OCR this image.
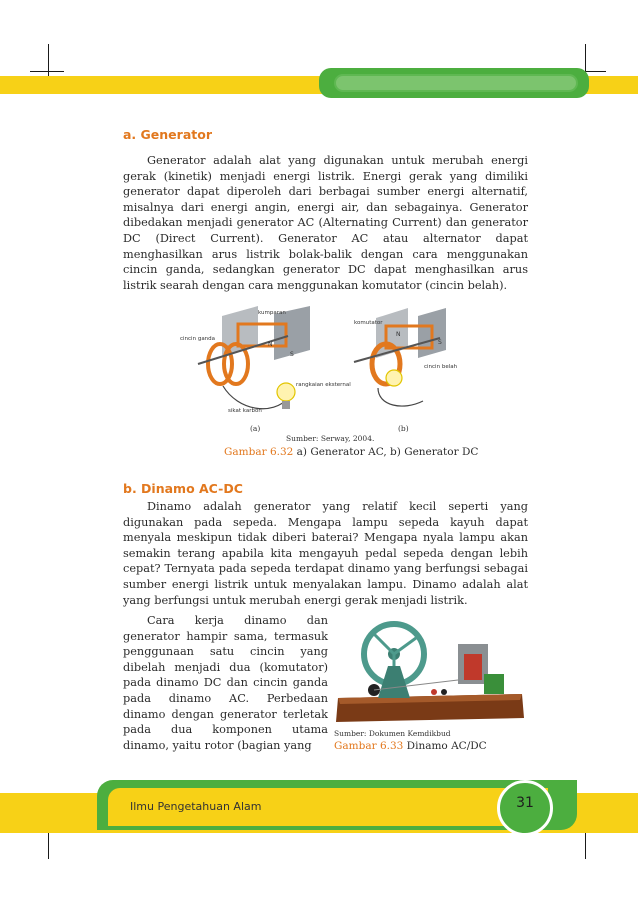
a. Generator
Generator adalah alat yang digunakan untuk merubah energi gerak (kinetik) menjadi energi listrik. Energi gerak yang dimiliki generator dapat diperoleh dari berbagai sumber energi alternatif, misalnya dari energi angin, energi air, dan sebagainya. Generator dibedakan menjadi generator AC (Alternating Current) dan generator DC (Direct Current). Generator AC atau alternator dapat menghasilkan arus listrik bolak-balik dengan cara menggunakan cincin ganda, sedangkan generator DC dapat menghasilkan arus listrik searah dengan cara menggunakan komutator (cincin belah).
kumparan
cincin ganda
sikat karbon
rangkaian eksternal
komutator
cincin belah
N
S
N
S
(a)	(b)
Sumber: Serway, 2004.
Gambar 6.32 a) Generator AC, b) Generator DC
b. Dinamo AC-DC
Dinamo adalah generator yang relatif kecil seperti yang digunakan pada sepeda. Mengapa lampu sepeda kayuh dapat menyala meskipun tidak diberi baterai? Mengapa nyala lampu akan semakin terang apabila kita mengayuh pedal sepeda dengan lebih cepat? Ternyata pada sepeda terdapat dinamo yang berfungsi sebagai sumber energi listrik untuk menyalakan lampu. Dinamo adalah alat yang berfungsi untuk merubah energi gerak menjadi listrik.
Cara kerja dinamo dan generator hampir sama, termasuk penggunaan satu cincin yang dibelah menjadi dua (komutator) pada dinamo DC dan cincin ganda pada dinamo AC. Perbedaan dinamo dengan generator terletak pada dua komponen utama dinamo, yaitu rotor (bagian yang
Sumber: Dokumen Kemdikbud
Gambar 6.33 Dinamo AC/DC
Ilmu Pengetahuan Alam	31
